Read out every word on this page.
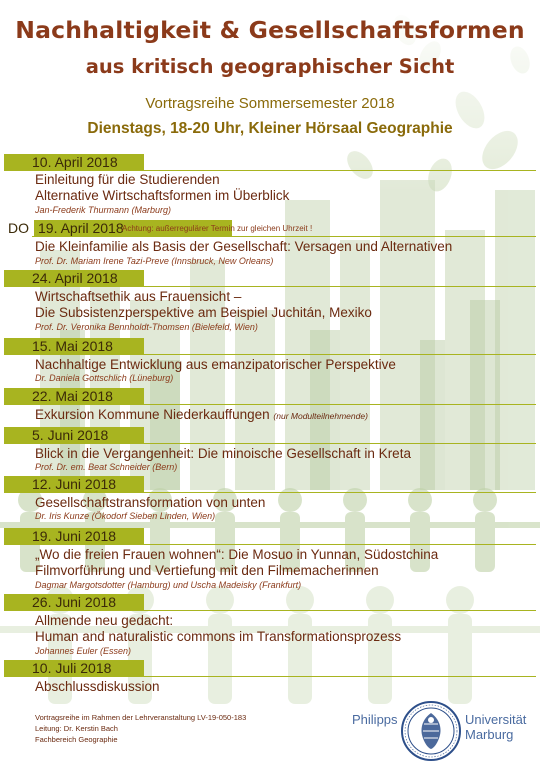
Nachhaltigkeit & Gesellschaftsformen
aus kritisch geographischer Sicht

Vortragsreihe Sommersemester 2018

Dienstags, 18-20 Uhr, Kleiner Hörsaal Geographie

10. April 2018

Einleitung für die Studierenden

Alternative Wirtschaftsformen im Überblick

Jan-Frederik Thurmann (Marburg)

19. April 2018
DO	Achtung: außerregulärer Termin zur gleichen Uhrzeit !

Die Kleinfamilie als Basis der Gesellschaft: Versagen und Alternativen

Prof. Dr. Mariam Irene Tazi-Preve (Innsbruck, New Orleans)

24. April 2018

Wirtschaftsethik aus Frauensicht –

Die Subsistenzperspektive am Beispiel Juchitán, Mexiko

Prof. Dr. Veronika Bennholdt-Thomsen (Bielefeld, Wien)

15. Mai 2018

Nachhaltige Entwicklung aus emanzipatorischer Perspektive

Dr. Daniela Gottschlich (Lüneburg)

22. Mai 2018

Exkursion Kommune Niederkauffungen (nur Modulteilnehmende)

5. Juni 2018

Blick in die Vergangenheit: Die minoische Gesellschaft in Kreta

Prof. Dr. em. Beat Schneider (Bern)

12. Juni 2018

Gesellschaftstransformation von unten

Dr. Iris Kunze (Ökodorf Sieben Linden, Wien)

19. Juni 2018

„Wo die freien Frauen wohnen“: Die Mosuo in Yunnan, Südostchina

Filmvorführung und Vertiefung mit den Filmemacherinnen

Dagmar Margotsdotter (Hamburg) und Uscha Madeisky (Frankfurt)

26. Juni 2018

Allmende neu gedacht:

Human and naturalistic commons im Transformationsprozess

Johannes Euler (Essen)

10. Juli 2018

Abschlussdiskussion

Vortragsreihe im Rahmen der Lehrveranstaltung LV-19-050-183

Leitung: Dr. Kerstin Bach

Fachbereich Geographie

Philipps	Universität
Marburg
